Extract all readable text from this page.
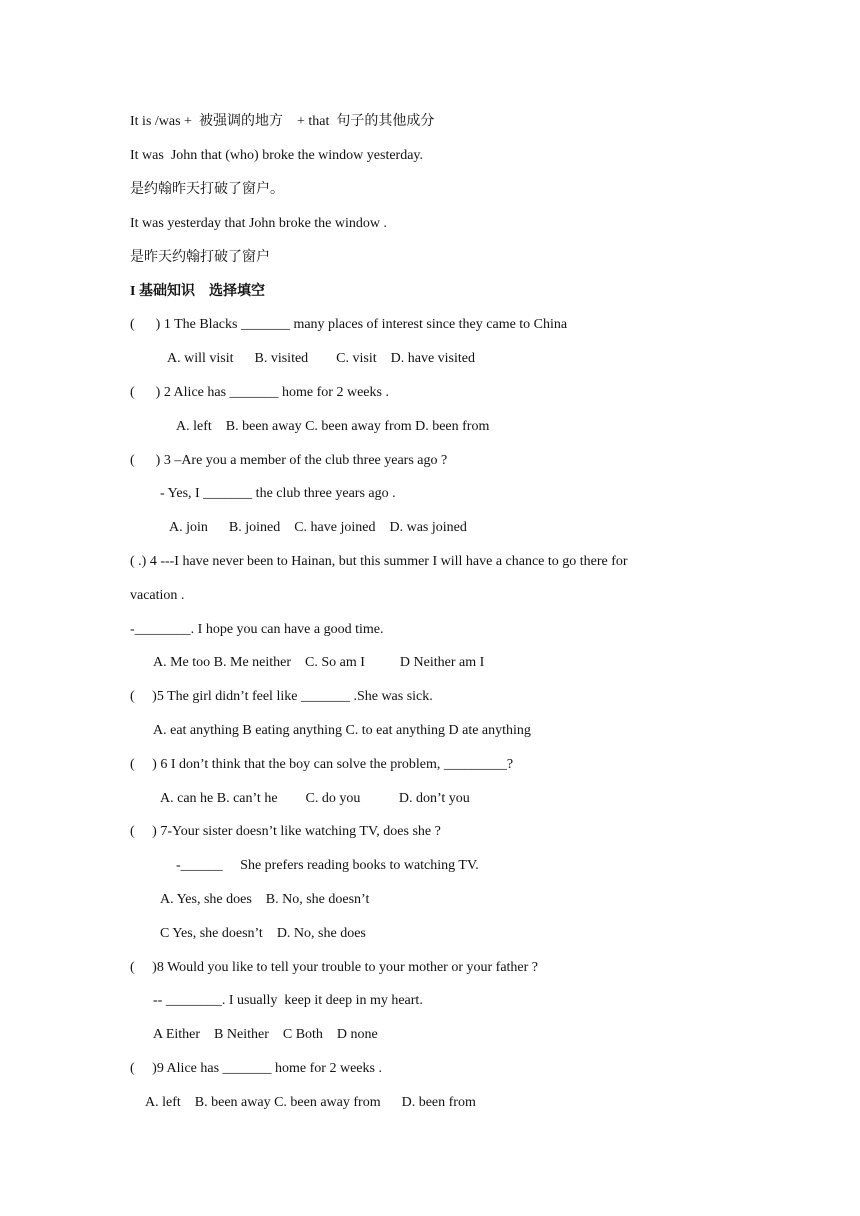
It is /was +  被强调的地方    + that  句子的其他成分
It was  John that (who) broke the window yesterday.
是约翰昨天打破了窗户。
It was yesterday that John broke the window .
是昨天约翰打破了窗户
I 基础知识    选择填空
(      ) 1 The Blacks _______ many places of interest since they came to China
A. will visit      B. visited        C. visit    D. have visited
(      ) 2 Alice has _______ home for 2 weeks .
A. left    B. been away C. been away from D. been from
(      ) 3 –Are you a member of the club three years ago ?
- Yes, I _______ the club three years ago .
A. join      B. joined    C. have joined    D. was joined
( .) 4 ---I have never been to Hainan, but this summer I will have a chance to go there for
vacation .
-________. I hope you can have a good time.
A. Me too B. Me neither    C. So am I          D Neither am I
(     )5 The girl didn’t feel like _______ .She was sick.
A. eat anything B eating anything C. to eat anything D ate anything
(     ) 6 I don’t think that the boy can solve the problem, _________?
A. can he B. can’t he        C. do you           D. don’t you
(     ) 7-Your sister doesn’t like watching TV, does she ?
-______     She prefers reading books to watching TV.
A. Yes, she does    B. No, she doesn’t
C Yes, she doesn’t    D. No, she does
(     )8 Would you like to tell your trouble to your mother or your father ?
-- ________. I usually  keep it deep in my heart.
A Either    B Neither    C Both    D none
(     )9 Alice has _______ home for 2 weeks .
A. left    B. been away C. been away from      D. been from
